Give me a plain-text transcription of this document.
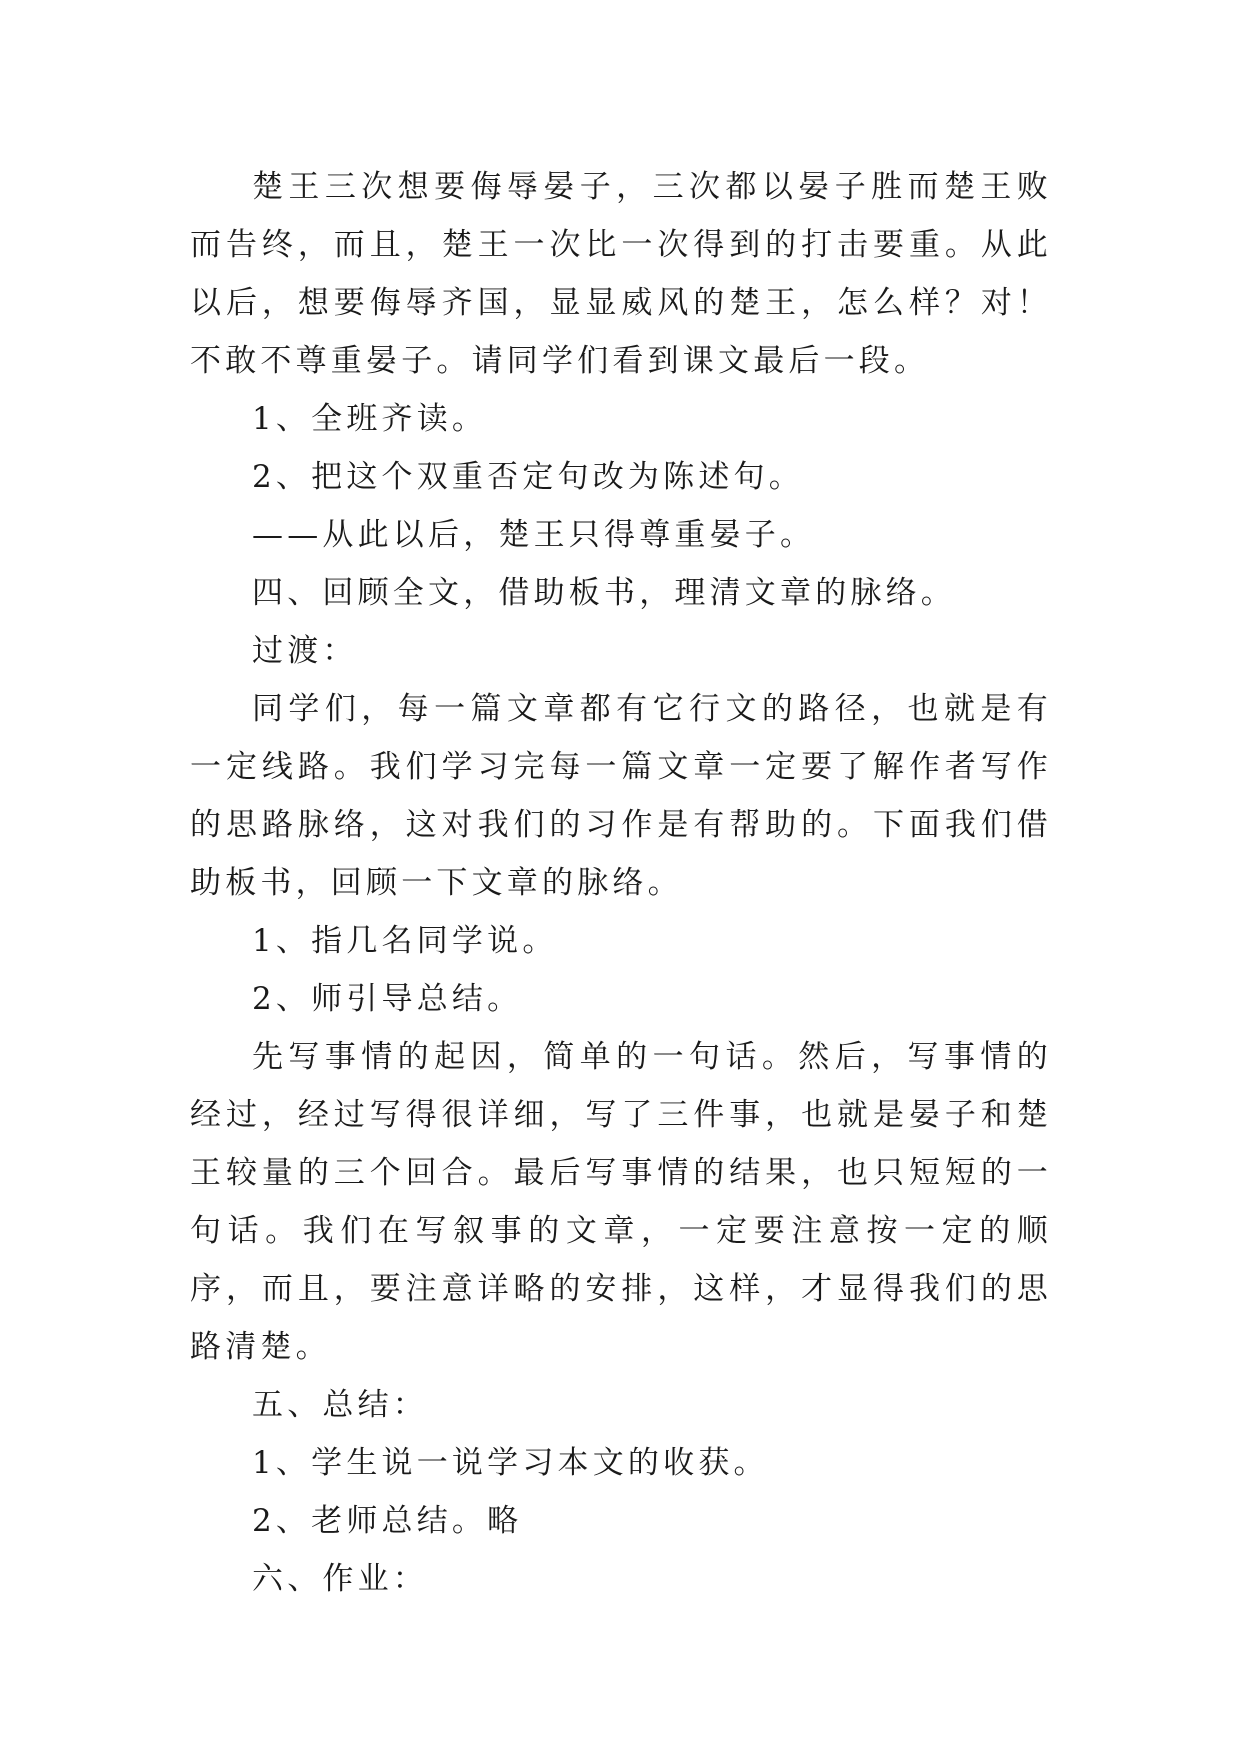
楚王三次想要侮辱晏子，三次都以晏子胜而楚王败而告终，而且，楚王一次比一次得到的打击要重。从此以后，想要侮辱齐国，显显威风的楚王，怎么样？对！不敢不尊重晏子。请同学们看到课文最后一段。

1、全班齐读。

2、把这个双重否定句改为陈述句。

——从此以后，楚王只得尊重晏子。

四、回顾全文，借助板书，理清文章的脉络。

过渡：

同学们，每一篇文章都有它行文的路径，也就是有一定线路。我们学习完每一篇文章一定要了解作者写作的思路脉络，这对我们的习作是有帮助的。下面我们借助板书，回顾一下文章的脉络。

1、指几名同学说。

2、师引导总结。

先写事情的起因，简单的一句话。然后，写事情的经过，经过写得很详细，写了三件事，也就是晏子和楚王较量的三个回合。最后写事情的结果，也只短短的一句话。我们在写叙事的文章，一定要注意按一定的顺序，而且，要注意详略的安排，这样，才显得我们的思路清楚。

五、总结：

1、学生说一说学习本文的收获。

2、老师总结。略

六、作业：
